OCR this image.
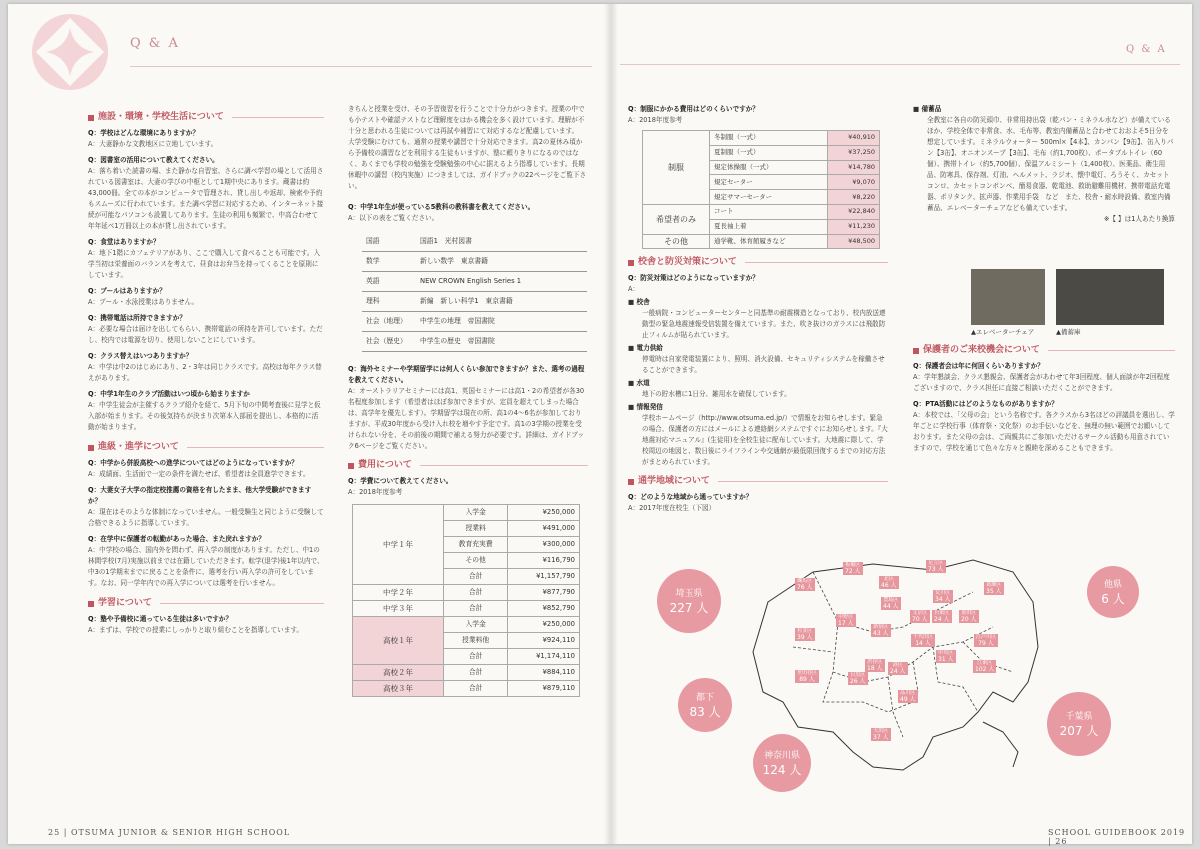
Q & A	Q & A
施設・環境・学校生活について
Q：学校はどんな環境にありますか？
A：大妻静かな文教地区に立地しています。
Q：図書室の活用について教えてください。
A：落ち着いた読書の場、また静かな自習室、さらに調べ学習の場として活用されている図書室は、大妻の学びの中枢として1期中央にあります。蔵書は約43,000冊。全ての本がコンピュータで管理され、貸し出しや返却、検索や予約もスムーズに行われています。また調べ学習に対応するため、インターネット接続が可能なパソコンも設置してあります。生徒の利用も頻繁で、中高合わせて年年延べ1万冊以上の本が貸し出されています。
Q：食堂はありますか？
A：地下1階にカフェテリアがあり、ここで購入して食べることも可能です。入学当初は栄養面のバランスを考えて、昼食はお弁当を持ってくることを原則にしています。
Q：プールはありますか？
A：プール・水泳授業はありません。
Q：携帯電話は所持できますか？
A：必要な場合は届けを出してもらい、携帯電話の所持を許可しています。ただし、校内では電源を切り、使用しないことにしています。
Q：クラス替えはいつありますか？
A：中学は中2のはじめにあり、2・3年は同じクラスです。高校は毎年クラス替えがあります。
Q：中学1年生のクラブ活動はいつ頃から始まりますか
A：中学生徒会が主催するクラブ紹介を経て、5月下旬の中間考査後に見学と仮入部が始まります。その後気持ちが決まり次第本入部届を提出し、本格的に活動が始まります。
進級・進学について
Q：中学から併設高校への進学についてはどのようになっていますか？
A：成績面、生活面で一定の条件を満たせば、希望者は全員進学できます。
Q：大妻女子大学の指定校推薦の資格を有したまま、他大学受験ができますか？
A：現在はそのような体制になっていません。一般受験生と同じように受験して合格できるように指導しています。
Q：在学中に保護者の転勤があった場合、また戻れますか？
A：中学校の場合、国内外を問わず、再入学の制度があります。ただし、中1の林間学校(7月)実施以前までは在籍していただきます。転学(退学)後1年以内で、中3の1学期末までに戻ることを条件に、選考を行い再入学の許可をしています。なお、同一学年内での再入学については選考を行いません。
学習について
Q：塾や予備校に通っている生徒は多いですか？
A：まずは、学校での授業にしっかりと取り組むことを指導しています。
きちんと授業を受け、その予習復習を行うことで十分力がつきます。授業の中でも小テストや確認テストなど理解度をはかる機会を多く設けています。理解が不十分と思われる生徒については再試や補習にて対応するなど配慮しています。
大学受験にむけても、通常の授業や講習で十分対応できます。高2の夏休み頃から予備校の講習などを利用する生徒もいますが、塾に頼りきりになるのではなく、あくまでも学校の勉強を受験勉強の中心に据えるよう指導しています。長期休暇中の講習（校内実施）につきましては、ガイドブックの22ページをご覧下さい。
Q：中学1年生が使っている5教科の教科書を教えてください。
A：以下の表をご覧ください。
国語	国語1　光村図書
数学	新しい数学　東京書籍
英語	NEW CROWN English Series 1
理科	新編　新しい科学1　東京書籍
社会（地理）	中学生の地理　帝国書院
社会（歴史）	中学生の歴史　帝国書院
Q：海外セミナーや学期留学には何人くらい参加できますか？また、選考の過程を教えてください。
A：オーストラリアセミナーには高1、英国セミナーには高1・2の希望者が各30名程度参加します（希望者はほぼ参加できますが、定員を超えてしまった場合は、高学年を優先します）。学期留学は現在の所、高1の4～6名が参加しておりますが、平成30年度から受け入れ校を増やす予定です。高1の3学期の授業を受けられない分を、その前後の期間で補える努力が必要です。詳細は、ガイドブック6ページをご覧ください。
費用について
Q：学費について教えてください。
A：2018年度参考
中学１年	入学金	¥250,000
	授業料	¥491,000
	教育充実費	¥300,000
	その他	¥116,790
	合計	¥1,157,790
中学２年	合計	¥877,790
中学３年	合計	¥852,790
高校１年	入学金	¥250,000
	授業料他	¥924,110
	合計	¥1,174,110
高校２年	合計	¥884,110
高校３年	合計	¥879,110
Q：制服にかかる費用はどのくらいですか？
A：2018年度参考
制服	冬制服（一式）	¥40,910
	夏制服（一式）	¥37,250
	規定体操服（一式）	¥14,780
	規定セーター	¥9,070
	規定サマーセーター	¥8,220
希望者のみ	コート	¥22,840
	夏長袖上着	¥11,230
その他	通学靴、体育館履きなど	¥48,500
校舎と防災対策について
Q：防災対策はどのようになっていますか？
A：
■ 校舎
一般病院・コンピューターセンターと同基準の耐震構造となっており、校内放送連動型の緊急地震速報受信装置を備えています。また、吹き抜けのガラスには飛散防止フィルムが貼られています。
■ 電力供給
停電時は自家発電装置により、照明、消火設備、セキュリティシステムを稼働させることができます。
■ 水道
地下の貯水槽に1日分、雑用水を確保しています。
■ 情報発信
学校ホームページ（http://www.otsuma.ed.jp/）で情報をお知らせします。緊急の場合、保護者の方にはメールによる連絡網システムですぐにお知らせします。『大地震対応マニュアル』(生徒用)を全校生徒に配布しています。大地震に際して、学校周辺の地図と、数日後にライフラインや交通網が最低限回復するまでの対応方法がまとめられています。
通学地域について
Q：どのような地域から通っていますか？
A：2017年度在校生（下図）
■ 備蓄品
全教室に各自の防災頭巾、非常用持出袋（乾パン・ミネラル水など）が備えているほか、学校全体で非常食、水、毛布等、教室内備蓄品と合わせておおよそ5日分を想定しています。ミネラルウォーター 500ml×【4本】、カンパン【9缶】、缶入りパン【3缶】、オニオンスープ【3缶】、毛布（約1,700枚）、ポータブルトイレ（60個）、携帯トイレ（約5,700個）、保温アルミシート（1,400枚）、医薬品、衛生用品、防寒具、保存剤、灯油、ヘルメット、ラジオ、懐中電灯、ろうそく、カセットコンロ、カセットコンボンベ、簡易食器、乾電池、救助避難用機材、携帯電話充電器、ポリタンク、拡声器、作業用手袋　など　また、校舎・耐水時設備、救室内備蓄品、エレベーターチェアなども備えています。
※【 】は1人あたり換算
▲エレベーターチェア	▲備蓄庫
保護者のご来校機会について
Q：保護者会は年に何回くらいありますか？
A：学年懇談会、クラス懇親会、保護者会があわせて年3回程度、個人面談が年2回程度ございますので、クラス担任に直接ご相談いただくことができます。
Q：PTA活動にはどのようなものがありますか？
A：本校では、「父母の会」という名称です。各クラスから3名ほどの評議員を選出し、学年ごとに学校行事（体育祭・文化祭）のお手伝いなどを、無理の無い範囲でお願いしております。また父母の会は、ご両親共にご参加いただけるサークル活動も用意されていますので、学校を通じて色々な方々と親睦を深めることもできます。
板橋区
72 人
北区
46 人
足立区
73 人
練馬区
76 人
荒川区
34 人
葛飾区
35 人
豊島区
44 人
文京区
70 人
台東区
24 人
墨田区
20 人
杉並区
39 人
中野区
17 人
新宿区
43 人
千代田区
14 人
江戸川区
79 人
中央区
31 人
渋谷区
18 人	港区
24 人
江東区
102 人
世田谷区
89 人
目黒区
26 人
品川区
49 人
大田区
37 人
埼玉県
227 人
他県
6 人
都下
83 人	千葉県
207 人
神奈川県
124 人
25 | OTSUMA JUNIOR & SENIOR HIGH SCHOOL	SCHOOL GUIDEBOOK 2019 | 26
